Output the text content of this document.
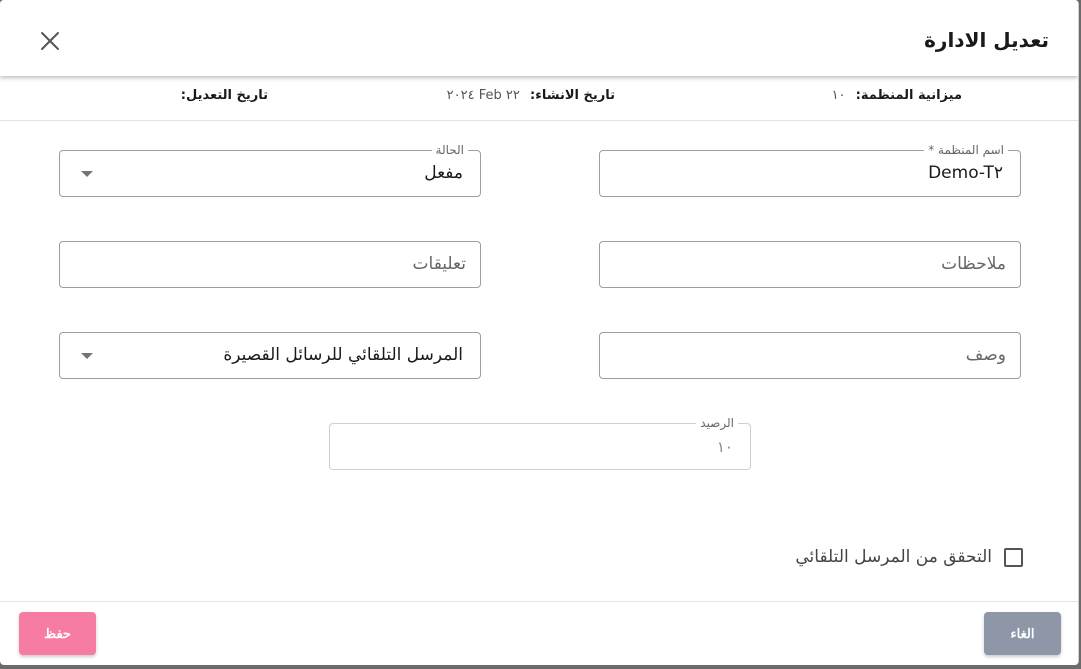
تعديل الادارة
ميزانية المنظمة: ١٠
تاريخ الانشاء: ٢٢ Feb ٢٠٢٤
تاريخ التعديل:
اسم المنظمة *
Demo-T٢
الحالة
مفعل
ملاحظات
تعليقات
وصف
المرسل التلقائي للرسائل القصيرة
الرصيد
١٠
التحقق من المرسل التلقائي
حفظ	الغاء
